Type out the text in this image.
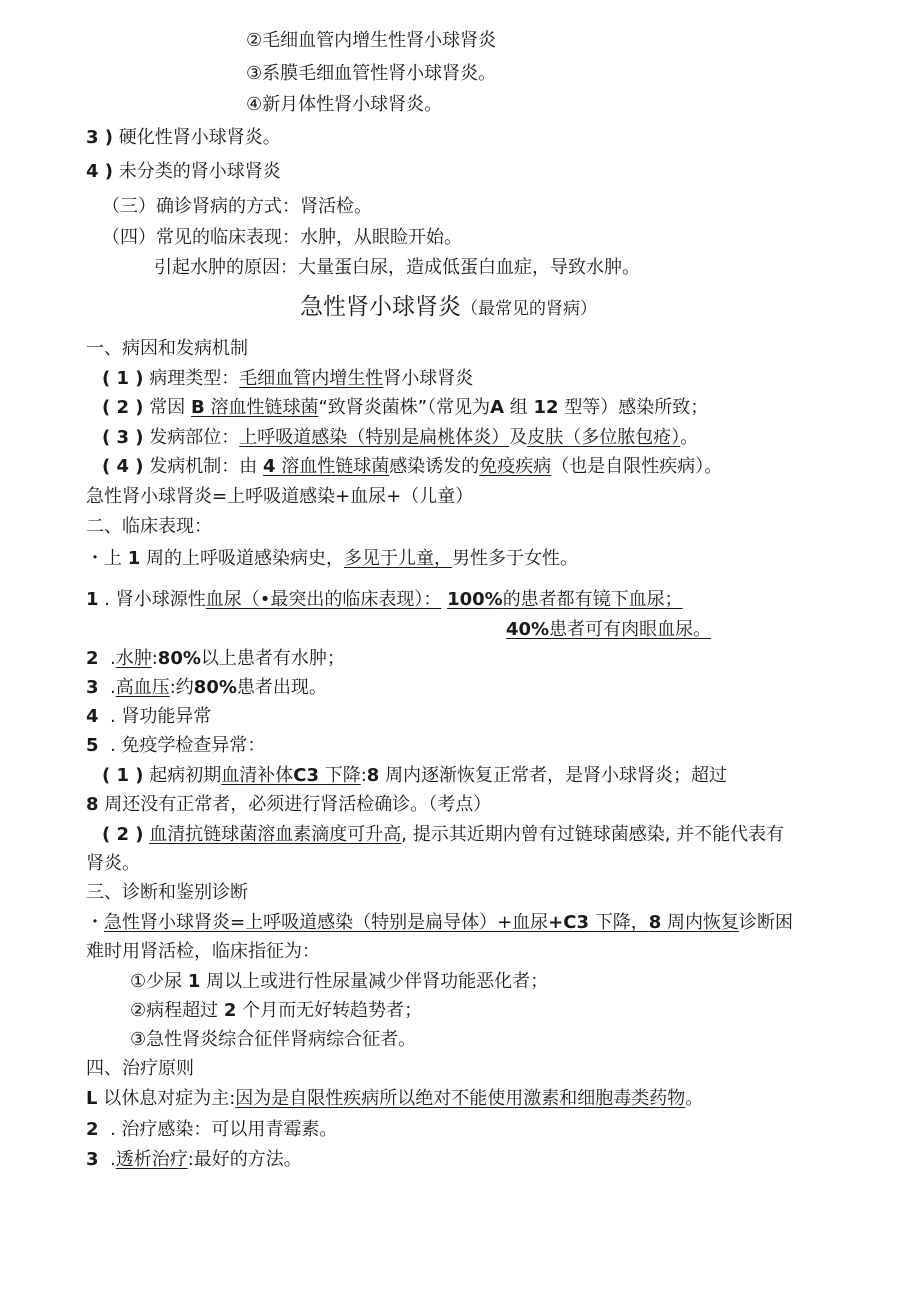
②毛细血管内增生性肾小球肾炎
③系膜毛细血管性肾小球肾炎。
④新月体性肾小球肾炎。
3 ) 硬化性肾小球肾炎。
4 ) 未分类的肾小球肾炎
（三）确诊肾病的方式：肾活检。
（四）常见的临床表现：水肿，从眼睑开始。
引起水肿的原因：大量蛋白尿，造成低蛋白血症，导致水肿。
急性肾小球肾炎（最常见的肾病）
一、病因和发病机制
( 1 ) 病理类型：毛细血管内增生性肾小球肾炎
( 2 ) 常因 B 溶血性链球菌“致肾炎菌株”（常见为A 组 12 型等）感染所致；
( 3 ) 发病部位：上呼吸道感染（特别是扁桃体炎）及皮肤（多位脓包疮）。
( 4 ) 发病机制：由 4 溶血性链球菌感染诱发的免疫疾病（也是自限性疾病）。
急性肾小球肾炎=上呼吸道感染+血尿+（儿童）
二、临床表现：
・上 1 周的上呼吸道感染病史，多见于儿童，男性多于女性。
1 . 肾小球源性血尿（•最突出的临床表现）： 100%的患者都有镜下血尿；
40%患者可有肉眼血尿。
2 .水肿:80%以上患者有水肿；
3 .高血压:约80%患者出现。
4 . 肾功能异常
5 . 免疫学检查异常：
( 1 ) 起病初期血清补体C3 下降:8 周内逐渐恢复正常者，是肾小球肾炎；超过
8 周还没有正常者，必须进行肾活检确诊。（考点）
( 2 ) 血清抗链球菌溶血素滴度可升高, 提示其近期内曾有过链球菌感染, 并不能代表有
肾炎。
三、诊断和鉴别诊断
・急性肾小球肾炎=上呼吸道感染（特别是扁导体）+血尿+C3 下降，8 周内恢复诊断困
难时用肾活检，临床指征为：
①少尿 1 周以上或进行性尿量减少伴肾功能恶化者；
②病程超过 2 个月而无好转趋势者；
③急性肾炎综合征伴肾病综合征者。
四、治疗原则
L 以休息对症为主:因为是自限性疾病所以绝对不能使用激素和细胞毒类药物。
2 . 治疗感染：可以用青霉素。
3 .透析治疗:最好的方法。
